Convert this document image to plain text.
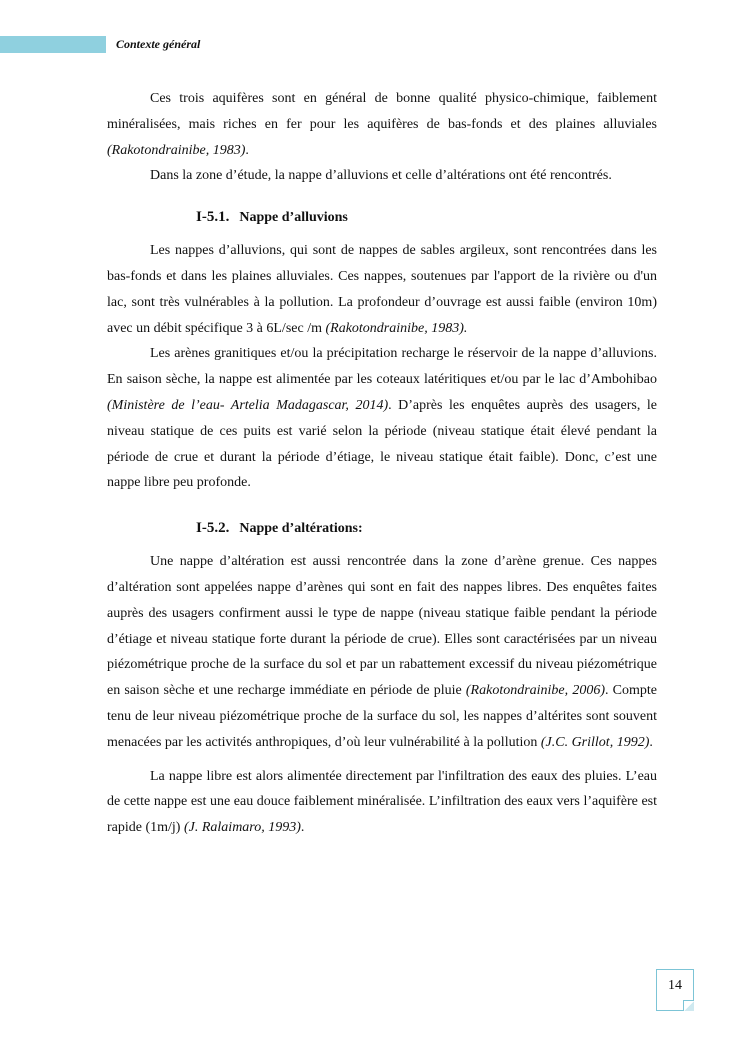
Contexte général

Ces trois aquifères sont en général de bonne qualité physico-chimique, faiblement minéralisées, mais riches en fer pour les aquifères de bas-fonds et des plaines alluviales (Rakotondrainibe, 1983).

Dans la zone d’étude, la nappe d’alluvions et celle d’altérations ont été rencontrés.

I-5.1. Nappe d’alluvions

Les nappes d’alluvions, qui sont de nappes de sables argileux, sont rencontrées dans les bas-fonds et dans les plaines alluviales. Ces nappes, soutenues par l'apport de la rivière ou d'un lac, sont très vulnérables à la pollution. La profondeur d’ouvrage est aussi faible (environ 10m) avec un débit spécifique 3 à 6L/sec /m (Rakotondrainibe, 1983).

Les arènes granitiques et/ou la précipitation recharge le réservoir de la nappe d’alluvions. En saison sèche, la nappe est alimentée par les coteaux latéritiques et/ou par le lac d’Ambohibao (Ministère de l’eau- Artelia Madagascar, 2014). D’après les enquêtes auprès des usagers, le niveau statique de ces puits est varié selon la période (niveau statique était élevé pendant la période de crue et durant la période d’étiage, le niveau statique était faible). Donc, c’est une nappe libre peu profonde.

I-5.2. Nappe d’altérations:

Une nappe d’altération est aussi rencontrée dans la zone d’arène grenue. Ces nappes d’altération sont appelées nappe d’arènes qui sont en fait des nappes libres. Des enquêtes faites auprès des usagers confirment aussi le type de nappe (niveau statique faible pendant la période d’étiage et niveau statique forte durant la période de crue). Elles sont caractérisées par un niveau piézométrique proche de la surface du sol et par un rabattement excessif du niveau piézométrique en saison sèche et une recharge immédiate en période de pluie (Rakotondrainibe, 2006). Compte tenu de leur niveau piézométrique proche de la surface du sol, les nappes d’altérites sont souvent menacées par les activités anthropiques, d’où leur vulnérabilité à la pollution (J.C. Grillot, 1992).

La nappe libre est alors alimentée directement par l'infiltration des eaux des pluies. L’eau de cette nappe est une eau douce faiblement minéralisée. L’infiltration des eaux vers l’aquifère est rapide (1m/j) (J. Ralaimaro, 1993).

14
